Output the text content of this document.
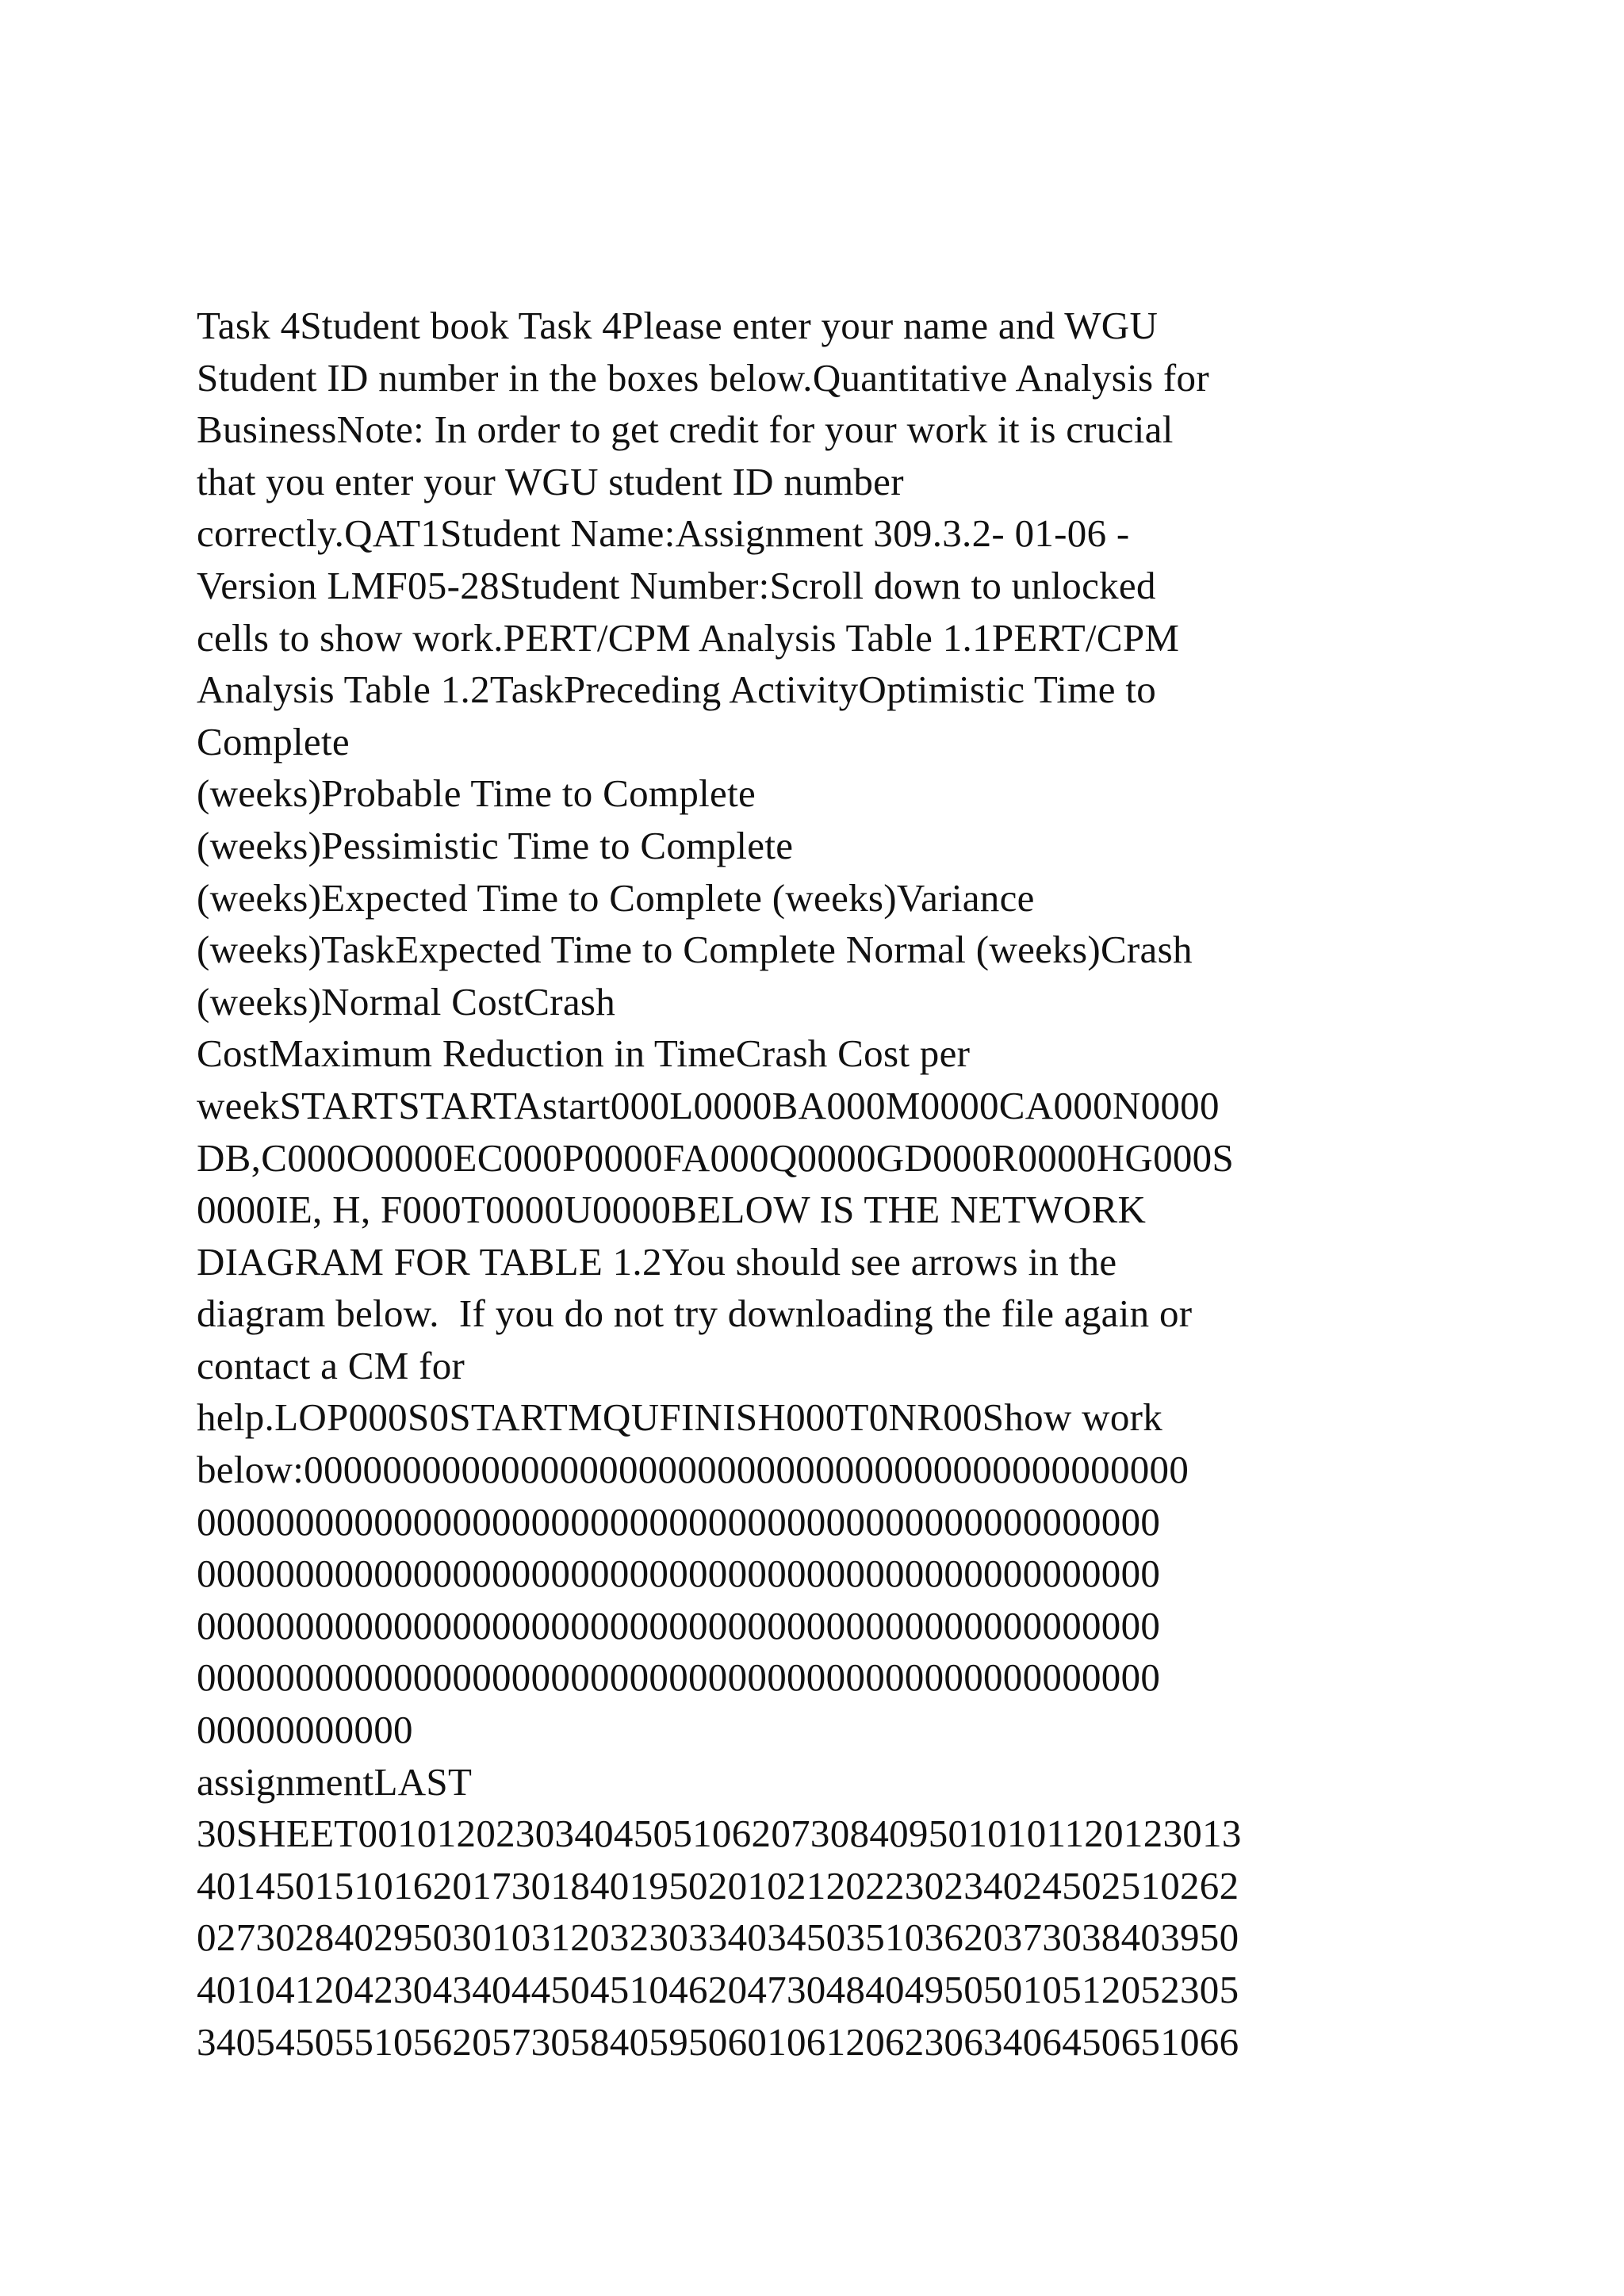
Task 4Student book Task 4Please enter your name and WGU
Student ID number in the boxes below.Quantitative Analysis for
BusinessNote: In order to get credit for your work it is crucial
that you enter your WGU student ID number
correctly.QAT1Student Name:Assignment 309.3.2- 01-06 -
Version LMF05-28Student Number:Scroll down to unlocked
cells to show work.PERT/CPM Analysis Table 1.1PERT/CPM
Analysis Table 1.2TaskPreceding ActivityOptimistic Time to
Complete
(weeks)Probable Time to Complete
(weeks)Pessimistic Time to Complete
(weeks)Expected Time to Complete (weeks)Variance
(weeks)TaskExpected Time to Complete Normal (weeks)Crash
(weeks)Normal CostCrash
CostMaximum Reduction in TimeCrash Cost per
weekSTARTSTARTAstart000L0000BA000M0000CA000N0000
DB,C000O0000EC000P0000FA000Q0000GD000R0000HG000S
0000IE, H, F000T0000U0000BELOW IS THE NETWORK
DIAGRAM FOR TABLE 1.2You should see arrows in the
diagram below.  If you do not try downloading the file again or
contact a CM for
help.LOP000S0STARTMQUFINISH000T0NR00Show work
below:000000000000000000000000000000000000000000000
0000000000000000000000000000000000000000000000000
0000000000000000000000000000000000000000000000000
0000000000000000000000000000000000000000000000000
0000000000000000000000000000000000000000000000000
00000000000
assignmentLAST
30SHEET0010120230340450510620730840950101011201230​13
4014501510162017301840195020102120223023402450251026​2
0273028402950301031203230334034503510362037303840395​0
4010412042304340445045104620473048404950501051205230​5
3405450551056205730584059506010612062306340645065106​6
